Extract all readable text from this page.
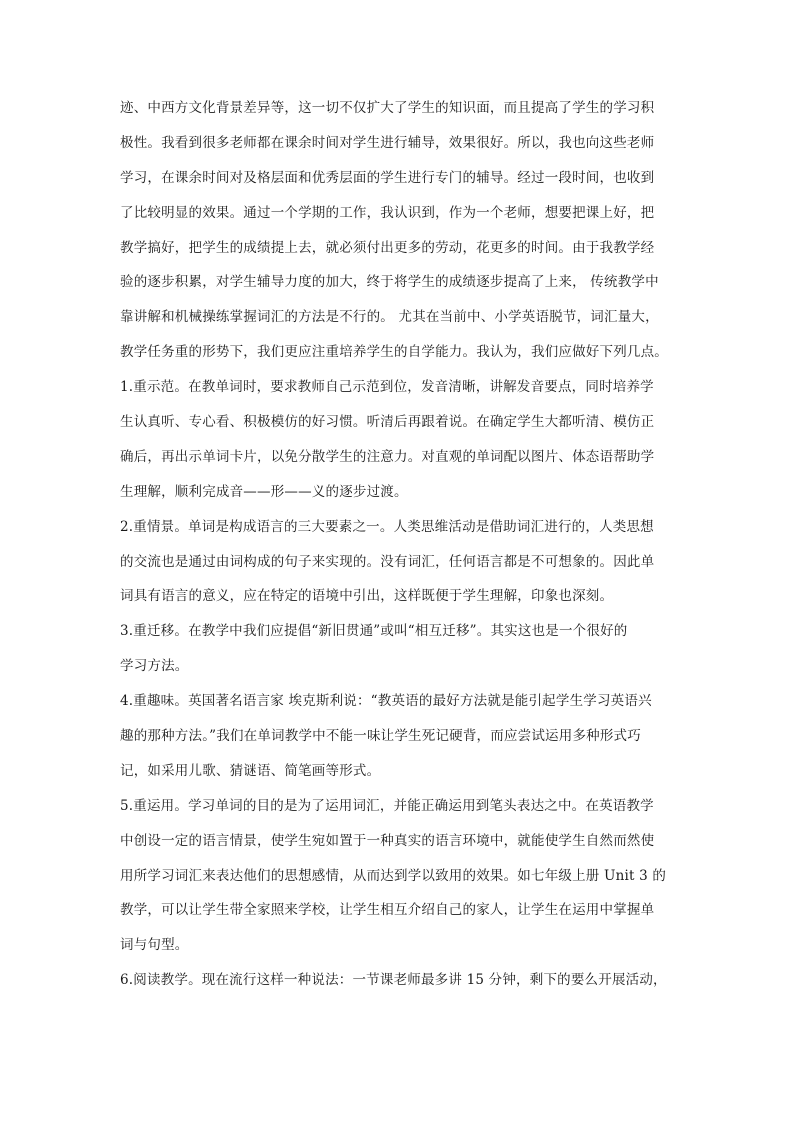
迹、中西方文化背景差异等，这一切不仅扩大了学生的知识面，而且提高了学生的学习积
极性。我看到很多老师都在课余时间对学生进行辅导，效果很好。所以，我也向这些老师
学习，在课余时间对及格层面和优秀层面的学生进行专门的辅导。经过一段时间，也收到
了比较明显的效果。通过一个学期的工作，我认识到，作为一个老师，想要把课上好，把
教学搞好，把学生的成绩提上去，就必须付出更多的劳动，花更多的时间。由于我教学经
验的逐步积累，对学生辅导力度的加大，终于将学生的成绩逐步提高了上来， 传统教学中
靠讲解和机械操练掌握词汇的方法是不行的。 尤其在当前中、小学英语脱节，词汇量大，
教学任务重的形势下，我们更应注重培养学生的自学能力。我认为，我们应做好下列几点。
1.重示范。在教单词时，要求教师自己示范到位，发音清晰，讲解发音要点，同时培养学
生认真听、专心看、积极模仿的好习惯。听清后再跟着说。在确定学生大都听清、模仿正
确后，再出示单词卡片，以免分散学生的注意力。对直观的单词配以图片、体态语帮助学
生理解，顺利完成音——形——义的逐步过渡。
2.重情景。单词是构成语言的三大要素之一。人类思维活动是借助词汇进行的，人类思想
的交流也是通过由词构成的句子来实现的。没有词汇，任何语言都是不可想象的。因此单
词具有语言的意义，应在特定的语境中引出，这样既便于学生理解，印象也深刻。
3.重迁移。在教学中我们应提倡“新旧贯通”或叫“相互迁移”。其实这也是一个很好的
学习方法。
4.重趣味。英国著名语言家 埃克斯利说：“教英语的最好方法就是能引起学生学习英语兴
趣的那种方法。”我们在单词教学中不能一味让学生死记硬背，而应尝试运用多种形式巧
记，如采用儿歌、猜谜语、简笔画等形式。
5.重运用。学习单词的目的是为了运用词汇，并能正确运用到笔头表达之中。在英语教学
中创设一定的语言情景，使学生宛如置于一种真实的语言环境中，就能使学生自然而然使
用所学习词汇来表达他们的思想感情，从而达到学以致用的效果。如七年级上册 Unit 3 的
教学，可以让学生带全家照来学校，让学生相互介绍自己的家人，让学生在运用中掌握单
词与句型。
6.阅读教学。现在流行这样一种说法：一节课老师最多讲 15 分钟，剩下的要么开展活动，
